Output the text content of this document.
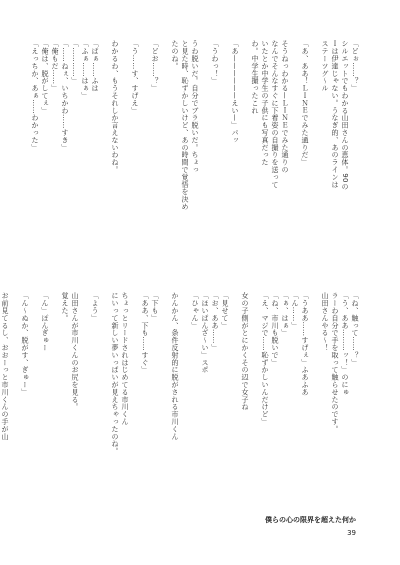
「どぉ……？」
シルエットでもわかる山田さんの恵体。90の
Ｉは伊達じゃない。うなぎ的、あのラインは
ステーツグ〜ル

「あ、ああ！ＬＩＮＥでみた通りだ」

そうねっわかる—ＬＩＮＥでみた通りの
なんでそんなすぐに下着姿の自撮りを送って
いたとか中学生の子供にも写真だった
わ。中学生撮ったこれ

「あ——————えい—」パッ

「うわっ！」

うわ脱いだ。自分でブラ脱いだ。ちょっ
と見た時、恥ずかしいけど、あの時間で覚悟を決め
たのね。

「どお……？」

「う……す、すげえ」

わかるわ、もうそれしか言えないわね。

「ぱぁ……ふは
「ふぁ……はぁ」
「…………」
「……ねぇ、いちかわ……すき」
「俺もだ……」
「俺は、脱がしてぇ」
「えっちか、あぁ……わかった」
「ね、触って……？」
「う、ああ………ッ！」のにゅ
ラーわ自分で手を取って触らせたのです。
山田さんやる〜！

「うああ……すげぇ」ふあふあ
「ん……」
「ぁ、はぁ」
「ね、市川も脱いで」
「え、マジで……恥ずかしいんだけど」

女の子側がとにかくその辺で女子ね

「見せて」
「お、ああ……」
「ほいぱんざ〜い」スポ
「ひゃん」

かんかん、条件反射的に脱がされる市川くん

「下も」
「ああ、下も……すぐ」

ちょっとリードされはじめてる市川くん
にいって新しい夢いっぱいが見えちゃったのね。

「よう」

山田さんが市川くんのお尻を見る。
覚えた。

「ん」ぽんぎゅー

「ん〜ぬか、脱がす、ぎゅー」

お前見てるし、おおーっと市川くんの手が山
僕らの心の限界を超えた何か
39
